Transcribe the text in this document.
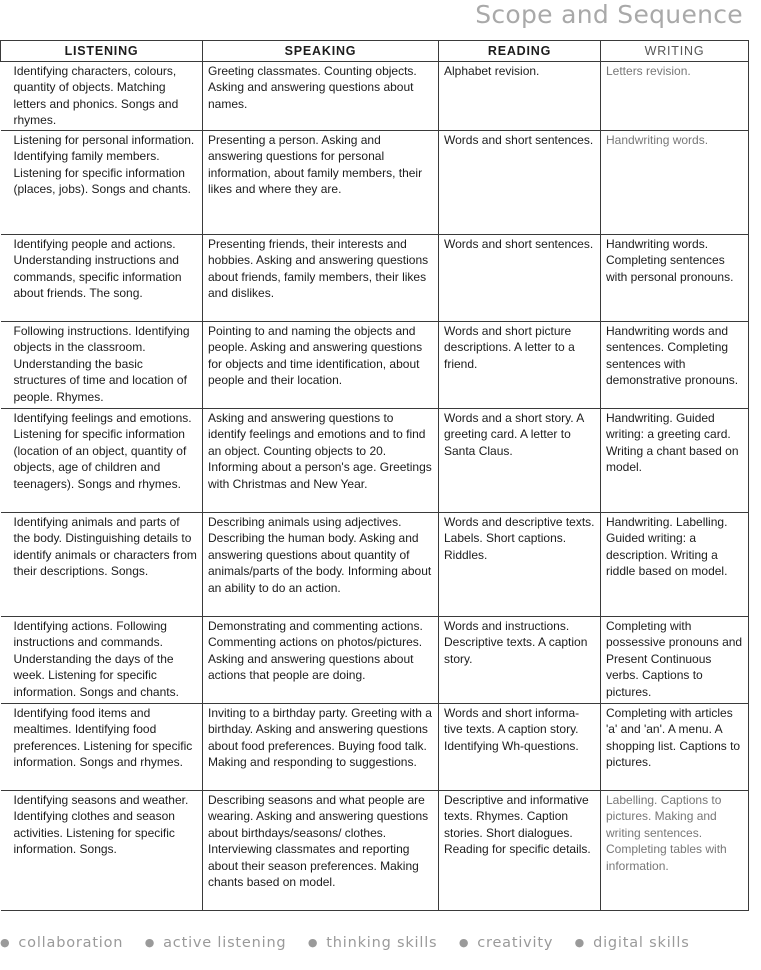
Scope and Sequence
LISTENING	SPEAKING	READING	WRITING
Identifying characters, colours, quantity of objects. Matching letters and phonics. Songs and rhymes.	Greeting classmates. Counting objects. Asking and answering questions about names.	Alphabet revision.	Letters revision.
Listening for personal information. Identifying family members. Listening for specific information (places, jobs). Songs and chants.	Presenting a person. Asking and answering questions for personal information, about family members, their likes and where they are.	Words and short sentences.	Handwriting words.
Identifying people and actions. Understanding instructions and commands, specific information about friends. The song.	Presenting friends, their interests and hobbies. Asking and answering questions about friends, family members, their likes and dislikes.	Words and short sentences.	Handwriting words. Completing sentences with personal pronouns.
Following instructions. Identifying objects in the classroom. Understanding the basic structures of time and location of people. Rhymes.	Pointing to and naming the objects and people. Asking and answering questions for objects and time identification, about people and their location.	Words and short picture descriptions. A letter to a friend.	Handwriting words and sentences. Completing sentences with demonstrative pronouns.
Identifying feelings and emotions. Listening for specific information (location of an object, quantity of objects, age of children and teenagers). Songs and rhymes.	Asking and answering questions to identify feelings and emotions and to find an object. Counting objects to 20. Informing about a person's age. Greetings with Christmas and New Year.	Words and a short story. A greeting card. A letter to Santa Claus.	Handwriting. Guided writing: a greeting card. Writing a chant based on model.
Identifying animals and parts of the body. Distinguishing details to identify animals or characters from their descriptions. Songs.	Describing animals using adjectives. Describing the human body. Asking and answering questions about quantity of animals/parts of the body. Informing about an ability to do an action.	Words and descriptive texts. Labels. Short captions. Riddles.	Handwriting. Labelling. Guided writing: a description. Writing a riddle based on model.
Identifying actions. Following instructions and commands. Understanding the days of the week. Listening for specific information. Songs and chants.	Demonstrating and commenting actions. Commenting actions on photos/pictures. Asking and answering questions about actions that people are doing.	Words and instructions. Descriptive texts. A caption story.	Completing with possessive pronouns and Present Continuous verbs. Captions to pictures.
Identifying food items and mealtimes. Identifying food preferences. Listening for specific information. Songs and rhymes.	Inviting to a birthday party. Greeting with a birthday. Asking and answering questions about food preferences. Buying food talk. Making and responding to suggestions.	Words and short informa-tive texts. A caption story. Identifying Wh-questions.	Completing with articles 'a' and 'an'. A menu. A shopping list. Captions to pictures.
Identifying seasons and weather. Identifying clothes and season activities. Listening for specific information. Songs.	Describing seasons and what people are wearing. Asking and answering questions about birthdays/seasons/ clothes. Interviewing classmates and reporting about their season preferences. Making chants based on model.	Descriptive and informative texts. Rhymes. Caption stories. Short dialogues. Reading for specific details.	Labelling. Captions to pictures. Making and writing sentences. Completing tables with information.
● collaboration ● active listening ● thinking skills ● creativity ● digital skills
